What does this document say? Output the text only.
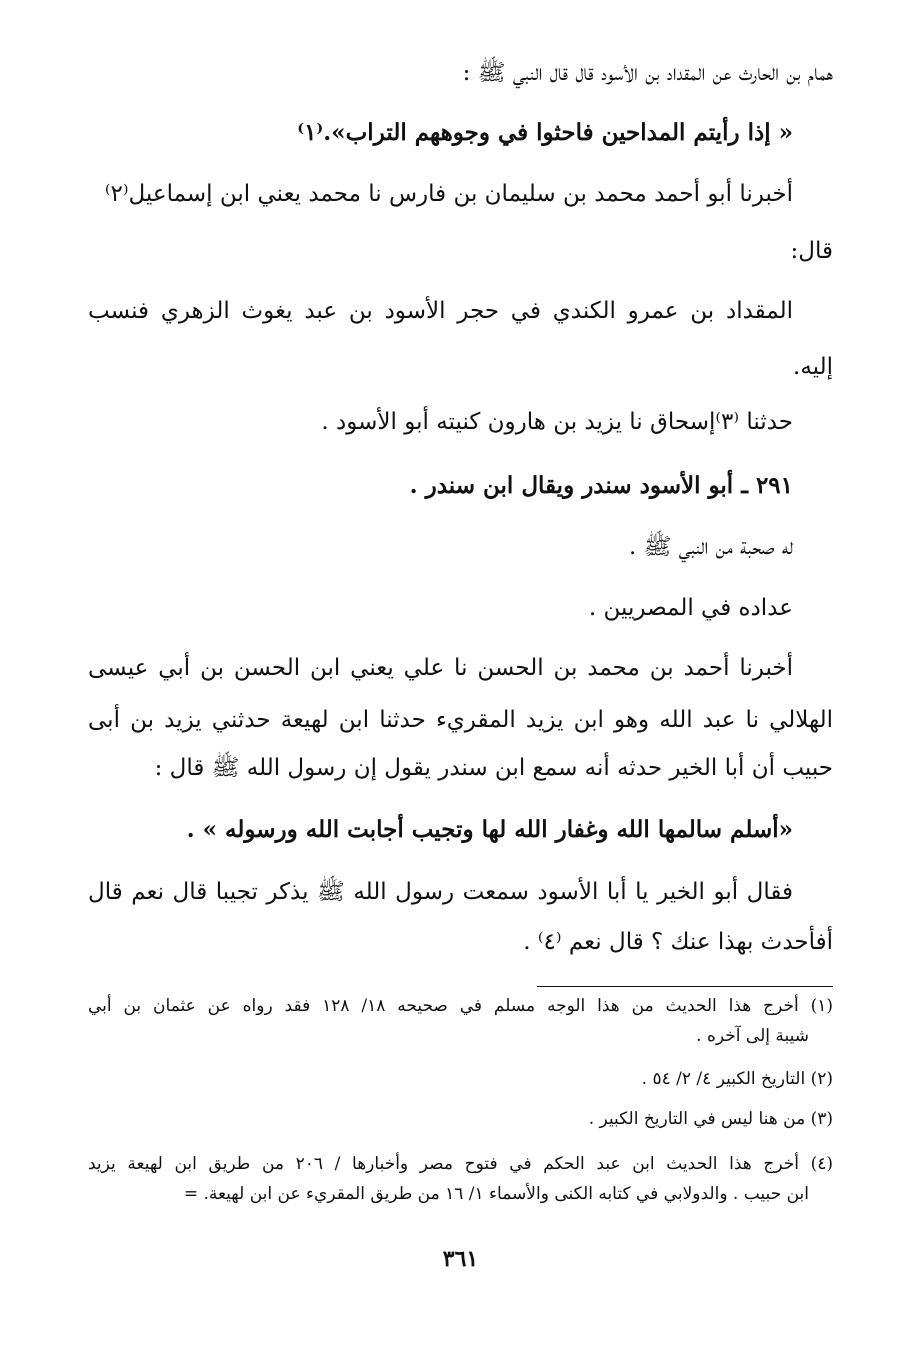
همام بن الحارث عن المقداد بن الأسود قال قال النبي ﷺ :
« إذا رأيتم المداحين فاحثوا في وجوههم التراب».⁽١⁾
أخبرنا أبو أحمد محمد بن سليمان بن فارس نا محمد يعني ابن إسماعيل⁽٢⁾
قال:
المقداد بن عمرو الكندي في حجر الأسود بن عبد يغوث الزهري فنسب
إليه.
حدثنا ⁽٣⁾إسحاق نا يزيد بن هارون كنيته أبو الأسود .
٢٩١ ـ أبو الأسود سندر ويقال ابن سندر .
له صحبة من النبي ﷺ .
عداده في المصريين .
أخبرنا أحمد بن محمد بن الحسن نا علي يعني ابن الحسن بن أبي عيسى
الهلالي نا عبد الله وهو ابن يزيد المقريء حدثنا ابن لهيعة حدثني يزيد بن أبى
حبيب أن أبا الخير حدثه أنه سمع ابن سندر يقول إن رسول الله ﷺ قال :
«أسلم سالمها الله وغفار الله لها وتجيب أجابت الله ورسوله » .
فقال أبو الخير يا أبا الأسود سمعت رسول الله ﷺ يذكر تجيبا قال نعم قال
أفأحدث بهذا عنك ؟ قال نعم ⁽٤⁾ .
(١) أخرج هذا الحديث من هذا الوجه مسلم في صحيحه ١٨/ ١٢٨ فقد رواه عن عثمان بن أبي
شيبة إلى آخره .
(٢) التاريخ الكبير ٤/ ٢/ ٥٤ .
(٣) من هنا ليس في التاريخ الكبير .
(٤) أخرج هذا الحديث ابن عبد الحكم في فتوح مصر وأخبارها / ٢٠٦ من طريق ابن لهيعة يزيد
ابن حبيب . والدولابي في كتابه الكنى والأسماء ١/ ١٦ من طريق المقريء عن ابن لهيعة. =
٣٦١
